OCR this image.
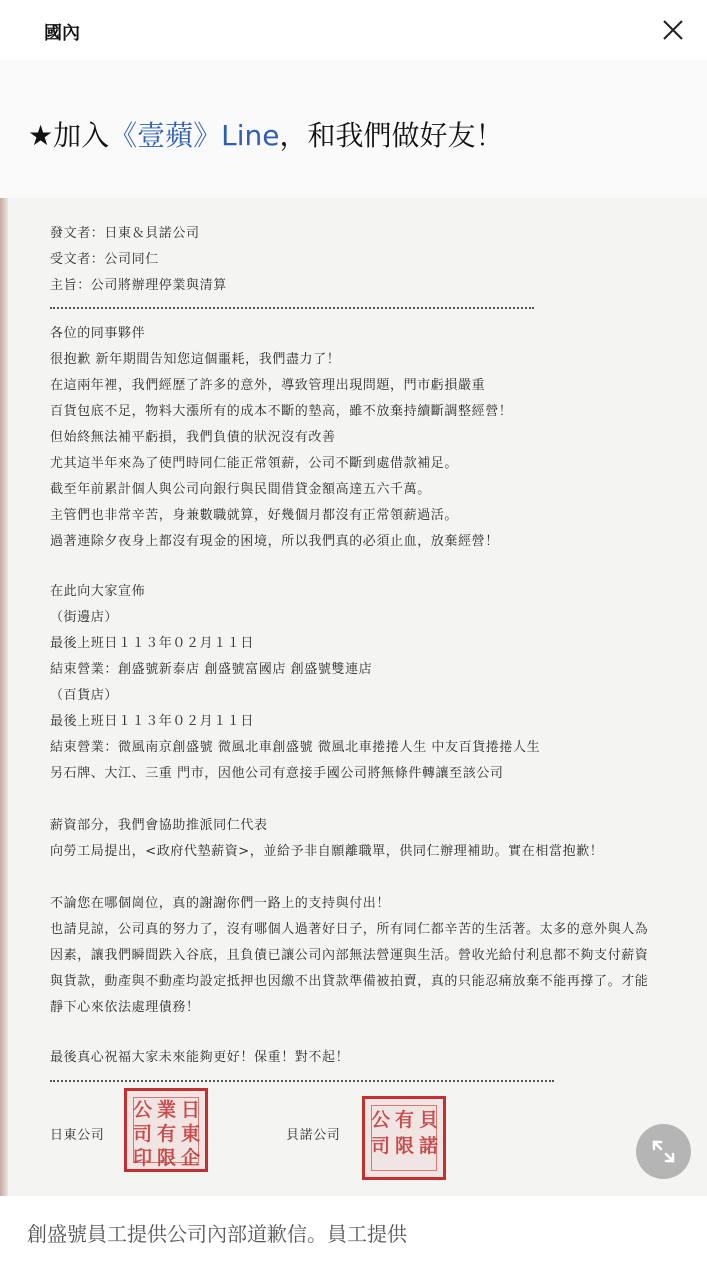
國內
★加入《壹蘋》Line，和我們做好友！
發文者：日東＆貝諾公司
受文者：公司同仁
主旨：公司將辦理停業與清算
各位的同事夥伴
很抱歉 新年期間告知您這個噩耗，我們盡力了！
在這兩年裡，我們經歷了許多的意外，導致管理出現問題，門市虧損嚴重
百貨包底不足，物料大漲所有的成本不斷的墊高，雖不放棄持續斷調整經營！
但始終無法補平虧損，我們負債的狀況沒有改善
尤其這半年來為了使門時同仁能正常領薪，公司不斷到處借款補足。
截至年前累計個人與公司向銀行與民間借貸金額高達五六千萬。
主管們也非常辛苦，身兼數職就算，好幾個月都沒有正常領薪過活。
過著連除夕夜身上都沒有現金的困境，所以我們真的必須止血，放棄經營！
在此向大家宣佈
（街邊店）
最後上班日１１３年０２月１１日
結束營業：創盛號新泰店 創盛號富國店 創盛號雙連店
（百貨店）
最後上班日１１３年０２月１１日
結束營業：微風南京創盛號 微風北車創盛號 微風北車捲捲人生 中友百貨捲捲人生
另石牌、大江、三重 門市，因他公司有意接手國公司將無條件轉讓至該公司
薪資部分，我們會協助推派同仁代表
向勞工局提出，<政府代墊薪資>，並給予非自願離職單，供同仁辦理補助。實在相當抱歉！
不論您在哪個崗位，真的謝謝你們一路上的支持與付出！
也請見諒，公司真的努力了，沒有哪個人過著好日子，所有同仁都辛苦的生活著。太多的意外與人為
因素，讓我們瞬間跌入谷底，且負債已讓公司內部無法營運與生活。營收光給付利息都不夠支付薪資
與貨款，動產與不動產均設定抵押也因繳不出貸款準備被拍賣，真的只能忍痛放棄不能再撐了。才能
靜下心來依法處理債務！
最後真心祝福大家未來能夠更好！保重！對不起！
日東公司	貝諾公司
日
東
企
業
有
限
公
司
印
貝
諾
有
限
公
司
創盛號員工提供公司內部道歉信。員工提供
